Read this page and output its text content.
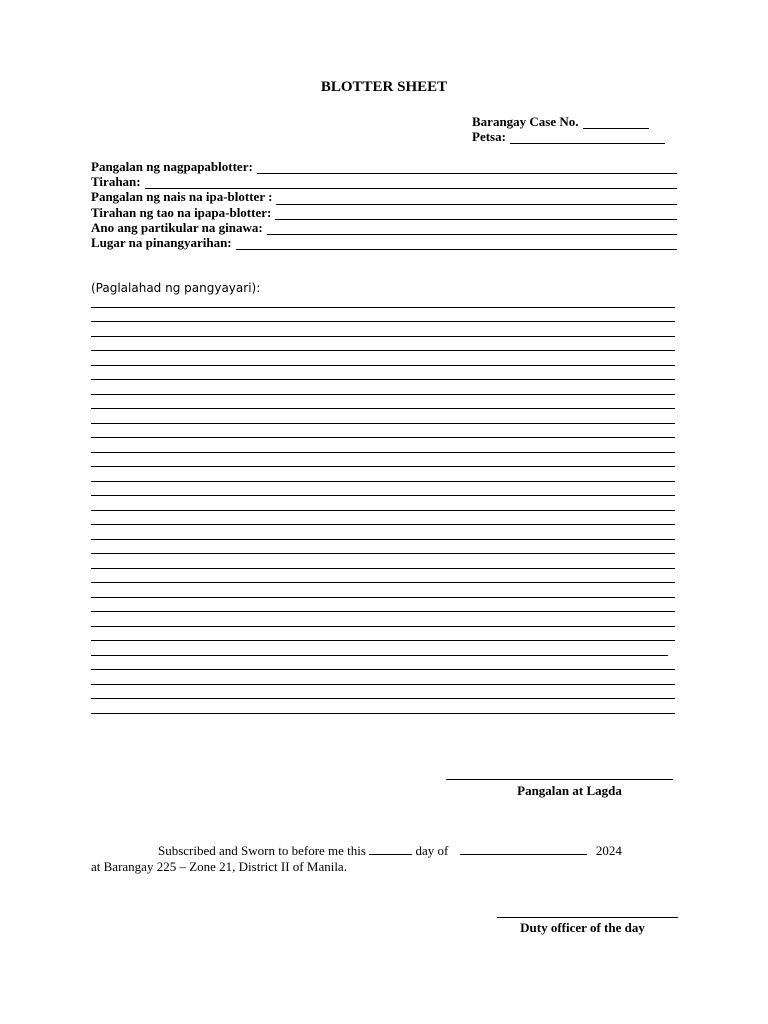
BLOTTER SHEET
Barangay Case No.
Petsa:
Pangalan ng nagpapablotter:
Tirahan:
Pangalan ng nais na ipa-blotter :
Tirahan ng tao na ipapa-blotter:
Ano ang partikular na ginawa:
Lugar na pinangyarihan:
(Paglalahad ng pangyayari):
Pangalan at Lagda
Subscribed and Sworn to before me this	day of	2024
at Barangay 225 – Zone 21, District II of Manila.
Duty officer of the day
